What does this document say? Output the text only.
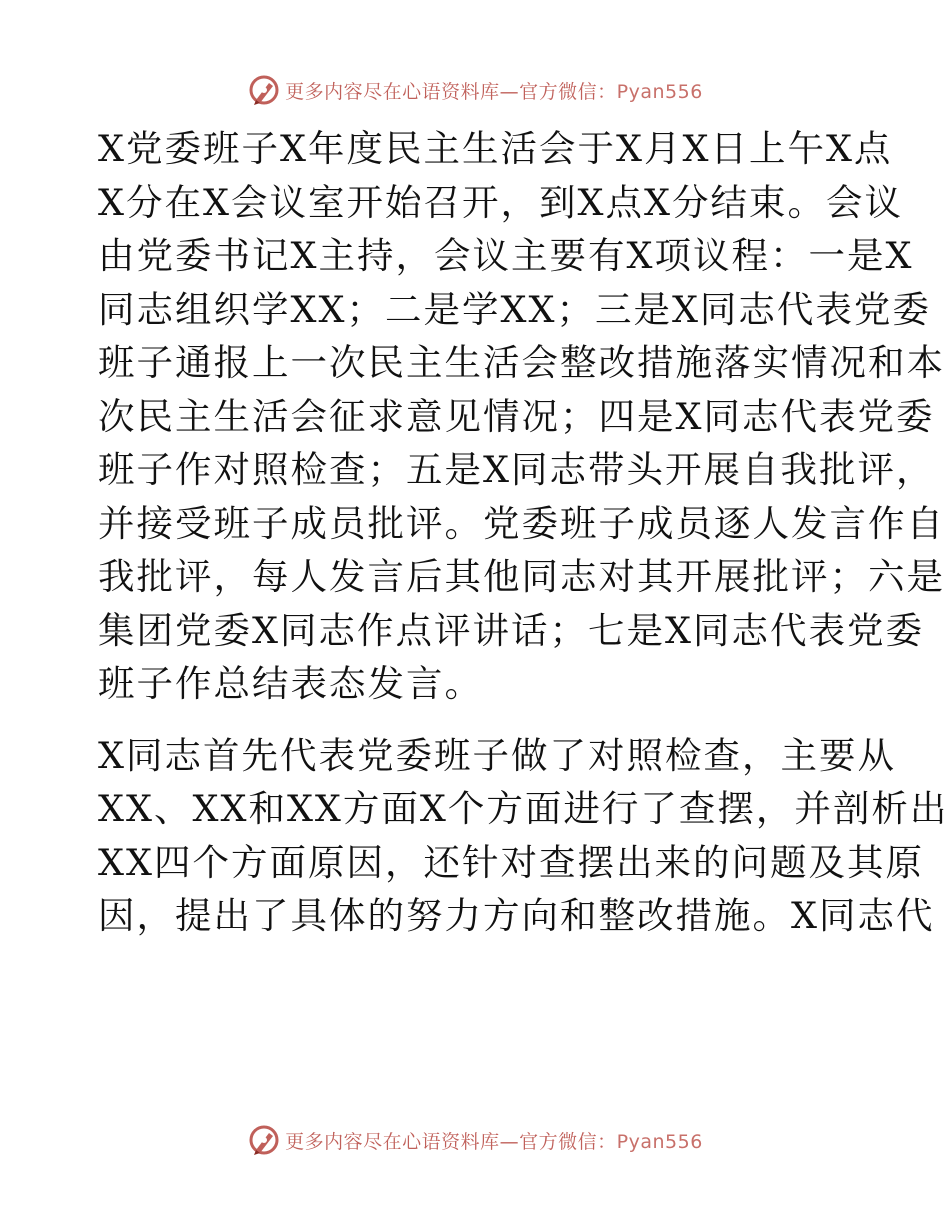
更多内容尽在心语资料库—官方微信：Pyan556

X党委班子X年度民主生活会于X月X日上午X点
X分在X会议室开始召开，到X点X分结束。会议
由党委书记X主持，会议主要有X项议程：一是X
同志组织学XX；二是学XX；三是X同志代表党委
班子通报上一次民主生活会整改措施落实情况和本
次民主生活会征求意见情况；四是X同志代表党委
班子作对照检查；五是X同志带头开展自我批评，
并接受班子成员批评。党委班子成员逐人发言作自
我批评，每人发言后其他同志对其开展批评；六是
集团党委X同志作点评讲话；七是X同志代表党委
班子作总结表态发言。

X同志首先代表党委班子做了对照检查，主要从
XX、XX和XX方面X个方面进行了查摆，并剖析出
XX四个方面原因，还针对查摆出来的问题及其原
因，提出了具体的努力方向和整改措施。X同志代

更多内容尽在心语资料库—官方微信：Pyan556
